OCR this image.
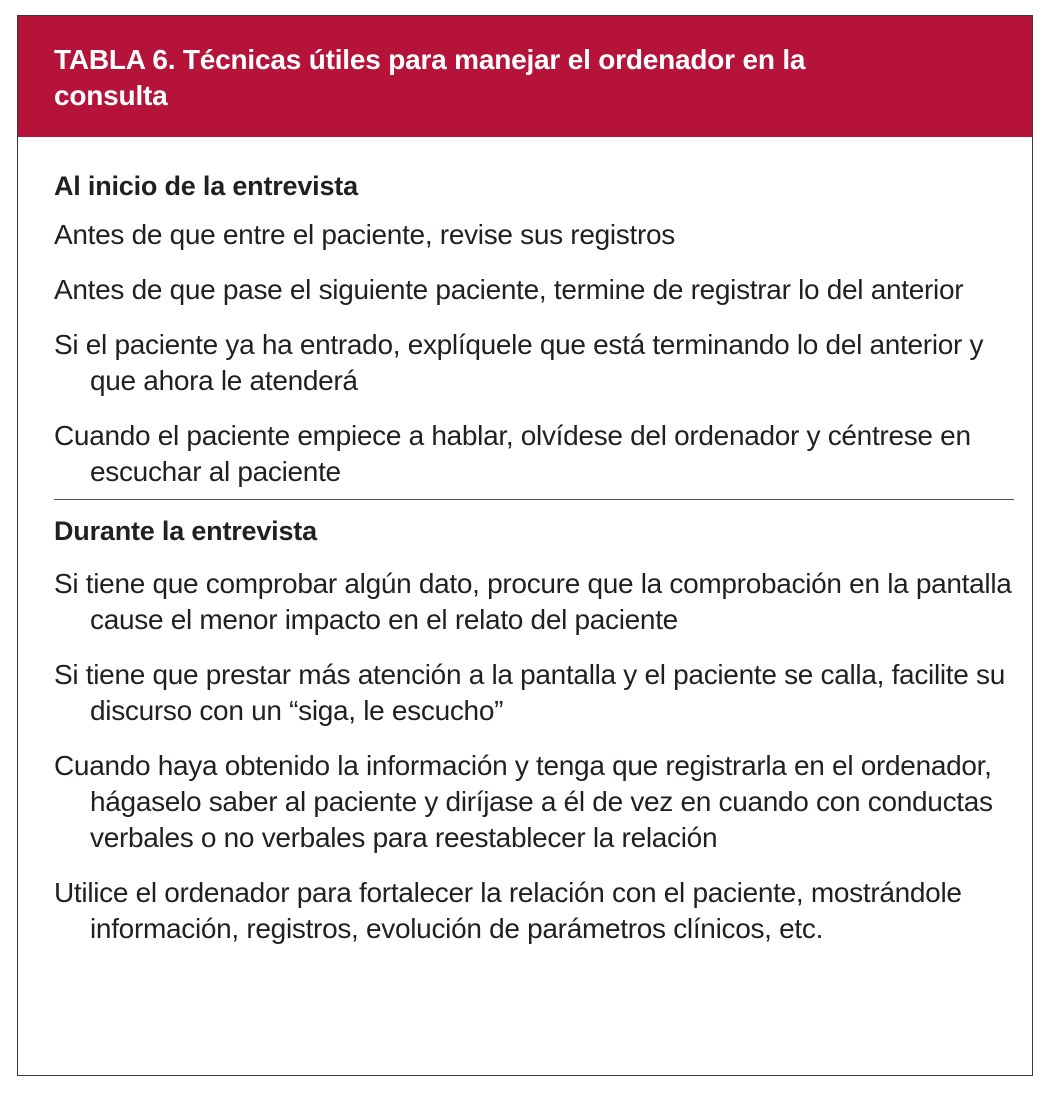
TABLA 6. Técnicas útiles para manejar el ordenador en la consulta
Al inicio de la entrevista
Antes de que entre el paciente, revise sus registros
Antes de que pase el siguiente paciente, termine de registrar lo del anterior
Si el paciente ya ha entrado, explíquele que está terminando lo del anterior y que ahora le atenderá
Cuando el paciente empiece a hablar, olvídese del ordenador y céntrese en escuchar al paciente
Durante la entrevista
Si tiene que comprobar algún dato, procure que la comprobación en la pantalla cause el menor impacto en el relato del paciente
Si tiene que prestar más atención a la pantalla y el paciente se calla, facilite su discurso con un “siga, le escucho”
Cuando haya obtenido la información y tenga que registrarla en el ordenador, hágaselo saber al paciente y diríjase a él de vez en cuando con conductas verbales o no verbales para reestablecer la relación
Utilice el ordenador para fortalecer la relación con el paciente, mostrándole información, registros, evolución de parámetros clínicos, etc.
